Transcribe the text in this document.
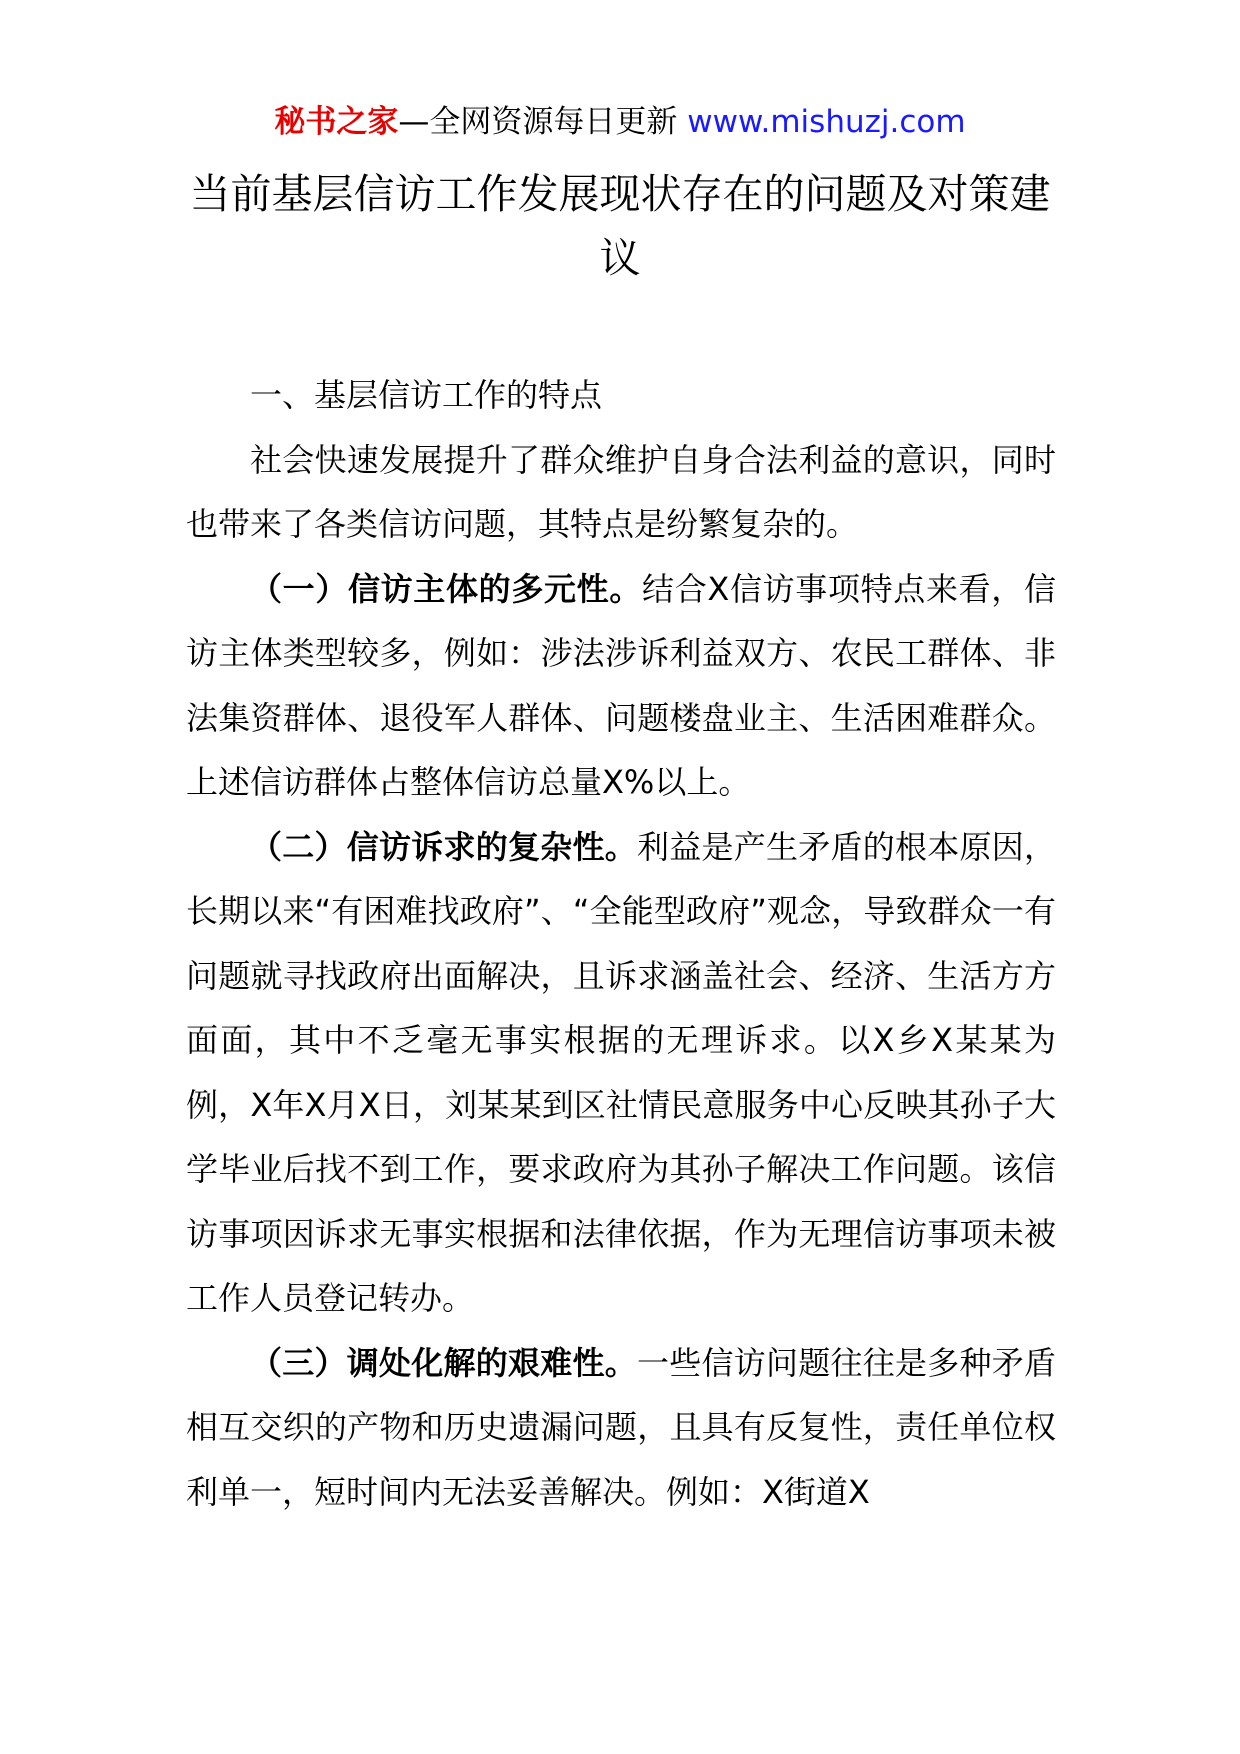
秘书之家—全网资源每日更新 www.mishuzj.com
当前基层信访工作发展现状存在的问题及对策建议

一、基层信访工作的特点

社会快速发展提升了群众维护自身合法利益的意识，同时也带来了各类信访问题，其特点是纷繁复杂的。

（一）信访主体的多元性。结合X信访事项特点来看，信访主体类型较多，例如：涉法涉诉利益双方、农民工群体、非法集资群体、退役军人群体、问题楼盘业主、生活困难群众。上述信访群体占整体信访总量X%以上。

（二）信访诉求的复杂性。利益是产生矛盾的根本原因，长期以来“有困难找政府”、“全能型政府”观念，导致群众一有问题就寻找政府出面解决，且诉求涵盖社会、经济、生活方方面面，其中不乏毫无事实根据的无理诉求。以X乡X某某为例，X年X月X日，刘某某到区社情民意服务中心反映其孙子大学毕业后找不到工作，要求政府为其孙子解决工作问题。该信访事项因诉求无事实根据和法律依据，作为无理信访事项未被工作人员登记转办。

（三）调处化解的艰难性。一些信访问题往往是多种矛盾相互交织的产物和历史遗漏问题，且具有反复性，责任单位权利单一，短时间内无法妥善解决。例如：X街道X
